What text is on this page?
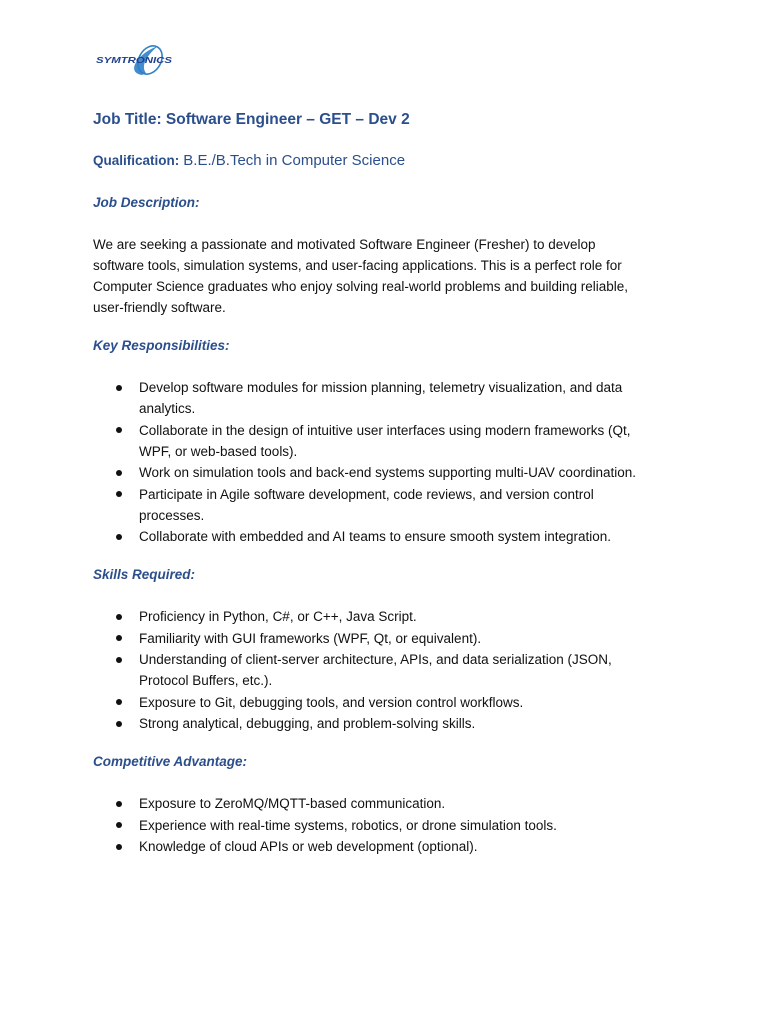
SYMTRONICS
Job Title: Software Engineer – GET – Dev 2
Qualification: B.E./B.Tech in Computer Science
Job Description:
We are seeking a passionate and motivated Software Engineer (Fresher) to develop
software tools, simulation systems, and user-facing applications. This is a perfect role for
Computer Science graduates who enjoy solving real-world problems and building reliable,
user-friendly software.
Key Responsibilities:
Develop software modules for mission planning, telemetry visualization, and data
analytics.
Collaborate in the design of intuitive user interfaces using modern frameworks (Qt,
WPF, or web-based tools).
Work on simulation tools and back-end systems supporting multi-UAV coordination.
Participate in Agile software development, code reviews, and version control
processes.
Collaborate with embedded and AI teams to ensure smooth system integration.
Skills Required:
Proficiency in Python, C#, or C++, Java Script.
Familiarity with GUI frameworks (WPF, Qt, or equivalent).
Understanding of client-server architecture, APIs, and data serialization (JSON,
Protocol Buffers, etc.).
Exposure to Git, debugging tools, and version control workflows.
Strong analytical, debugging, and problem-solving skills.
Competitive Advantage:
Exposure to ZeroMQ/MQTT-based communication.
Experience with real-time systems, robotics, or drone simulation tools.
Knowledge of cloud APIs or web development (optional).
